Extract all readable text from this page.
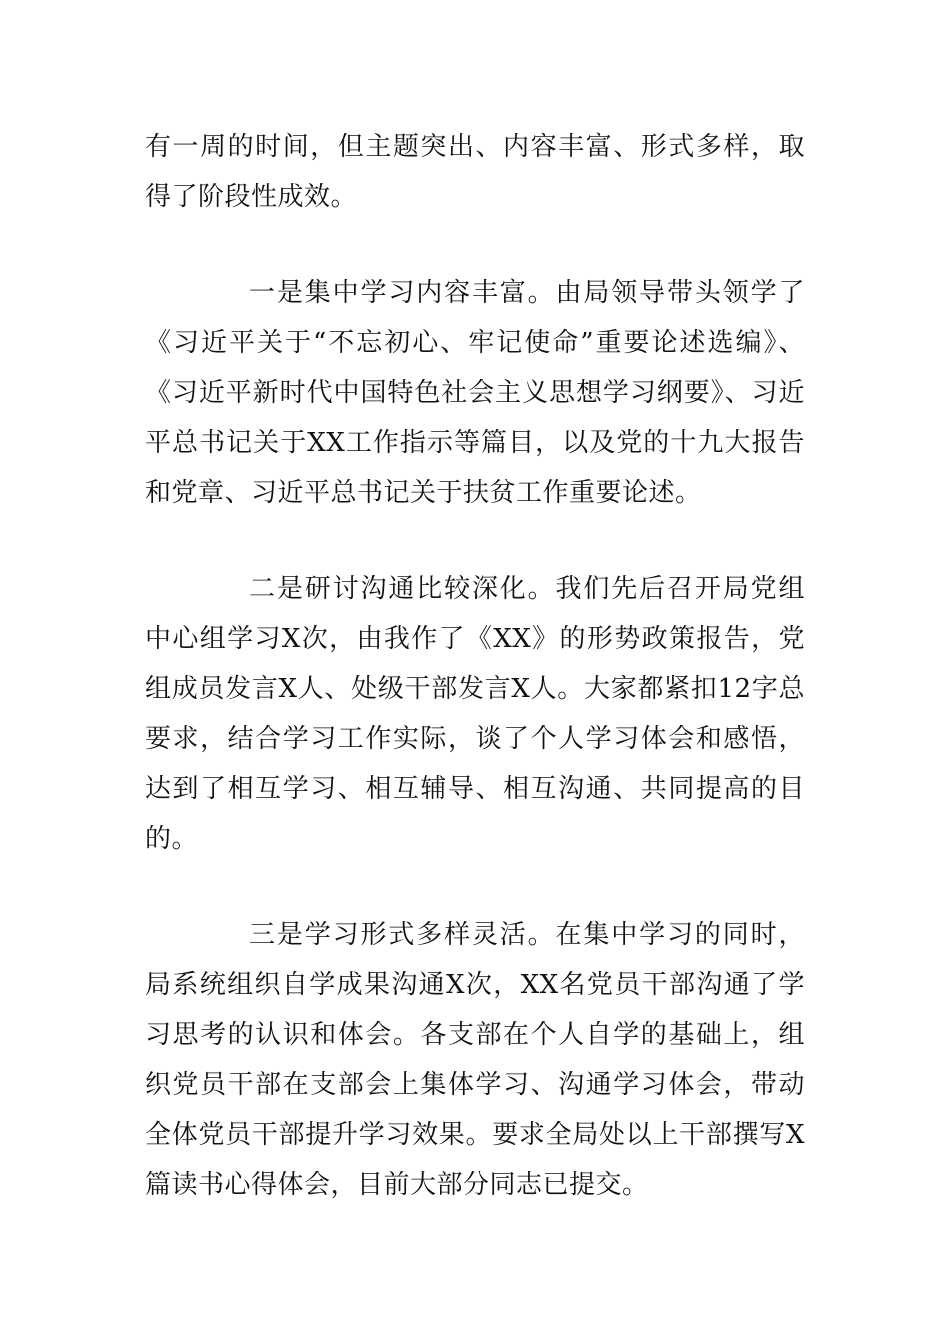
有一周的时间，但主题突出、内容丰富、形式多样，取得了阶段性成效。

一是集中学习内容丰富。由局领导带头领学了《习近平关于“不忘初心、牢记使命”重要论述选编》、《习近平新时代中国特色社会主义思想学习纲要》、习近平总书记关于XX工作指示等篇目，以及党的十九大报告和党章、习近平总书记关于扶贫工作重要论述。

二是研讨沟通比较深化。我们先后召开局党组中心组学习X次，由我作了《XX》的形势政策报告，党组成员发言X人、处级干部发言X人。大家都紧扣12字总要求，结合学习工作实际，谈了个人学习体会和感悟，达到了相互学习、相互辅导、相互沟通、共同提高的目的。

三是学习形式多样灵活。在集中学习的同时，局系统组织自学成果沟通X次，XX名党员干部沟通了学习思考的认识和体会。各支部在个人自学的基础上，组织党员干部在支部会上集体学习、沟通学习体会，带动全体党员干部提升学习效果。要求全局处以上干部撰写X篇读书心得体会，目前大部分同志已提交。
